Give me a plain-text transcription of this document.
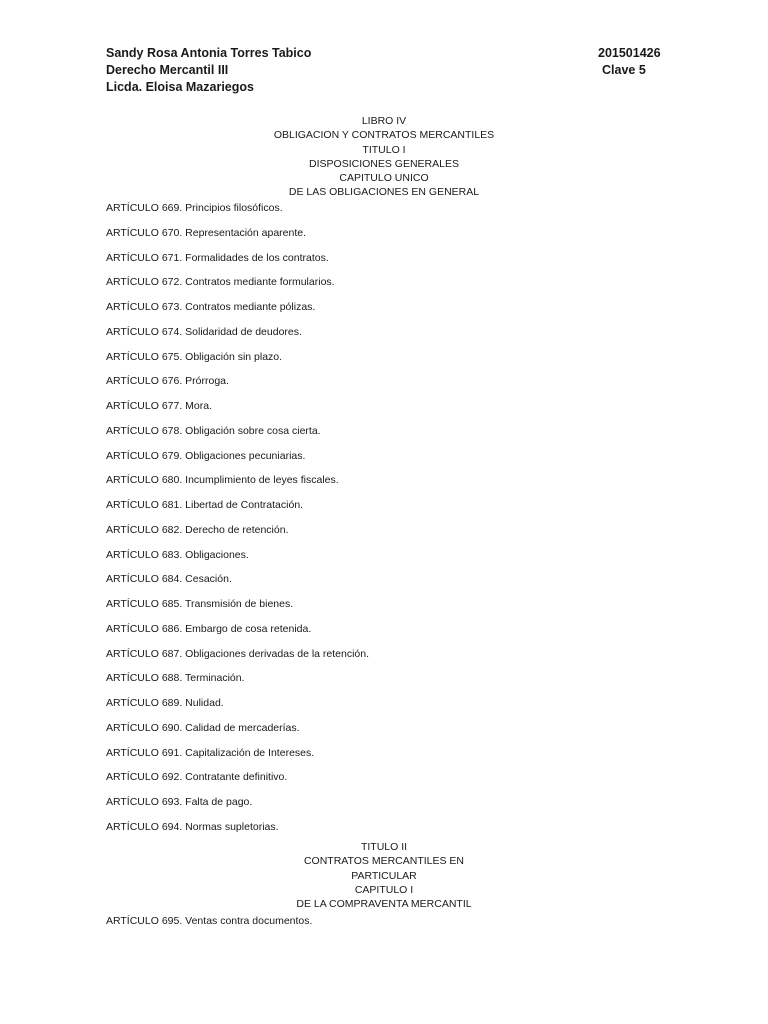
Sandy Rosa Antonia Torres Tabico
Derecho Mercantil III
Licda. Eloisa Mazariegos
201501426
Clave 5
LIBRO IV
OBLIGACION Y CONTRATOS MERCANTILES
TITULO I
DISPOSICIONES GENERALES
CAPITULO UNICO
DE LAS OBLIGACIONES EN GENERAL
ARTÍCULO 669. Principios filosóficos.
ARTÍCULO 670. Representación aparente.
ARTÍCULO 671. Formalidades de los contratos.
ARTÍCULO 672. Contratos mediante formularios.
ARTÍCULO 673. Contratos mediante pólizas.
ARTÍCULO 674. Solidaridad de deudores.
ARTÍCULO 675. Obligación sin plazo.
ARTÍCULO 676. Prórroga.
ARTÍCULO 677. Mora.
ARTÍCULO 678. Obligación sobre cosa cierta.
ARTÍCULO 679. Obligaciones pecuniarias.
ARTÍCULO 680. Incumplimiento de leyes fiscales.
ARTÍCULO 681. Libertad de Contratación.
ARTÍCULO 682. Derecho de retención.
ARTÍCULO 683. Obligaciones.
ARTÍCULO 684. Cesación.
ARTÍCULO 685. Transmisión de bienes.
ARTÍCULO 686. Embargo de cosa retenida.
ARTÍCULO 687. Obligaciones derivadas de la retención.
ARTÍCULO 688. Terminación.
ARTÍCULO 689. Nulidad.
ARTÍCULO 690. Calidad de mercaderías.
ARTÍCULO 691. Capitalización de Intereses.
ARTÍCULO 692. Contratante definitivo.
ARTÍCULO 693. Falta de pago.
ARTÍCULO 694. Normas supletorias.
TITULO II
CONTRATOS MERCANTILES EN
PARTICULAR
CAPITULO I
DE LA COMPRAVENTA MERCANTIL
ARTÍCULO 695. Ventas contra documentos.
